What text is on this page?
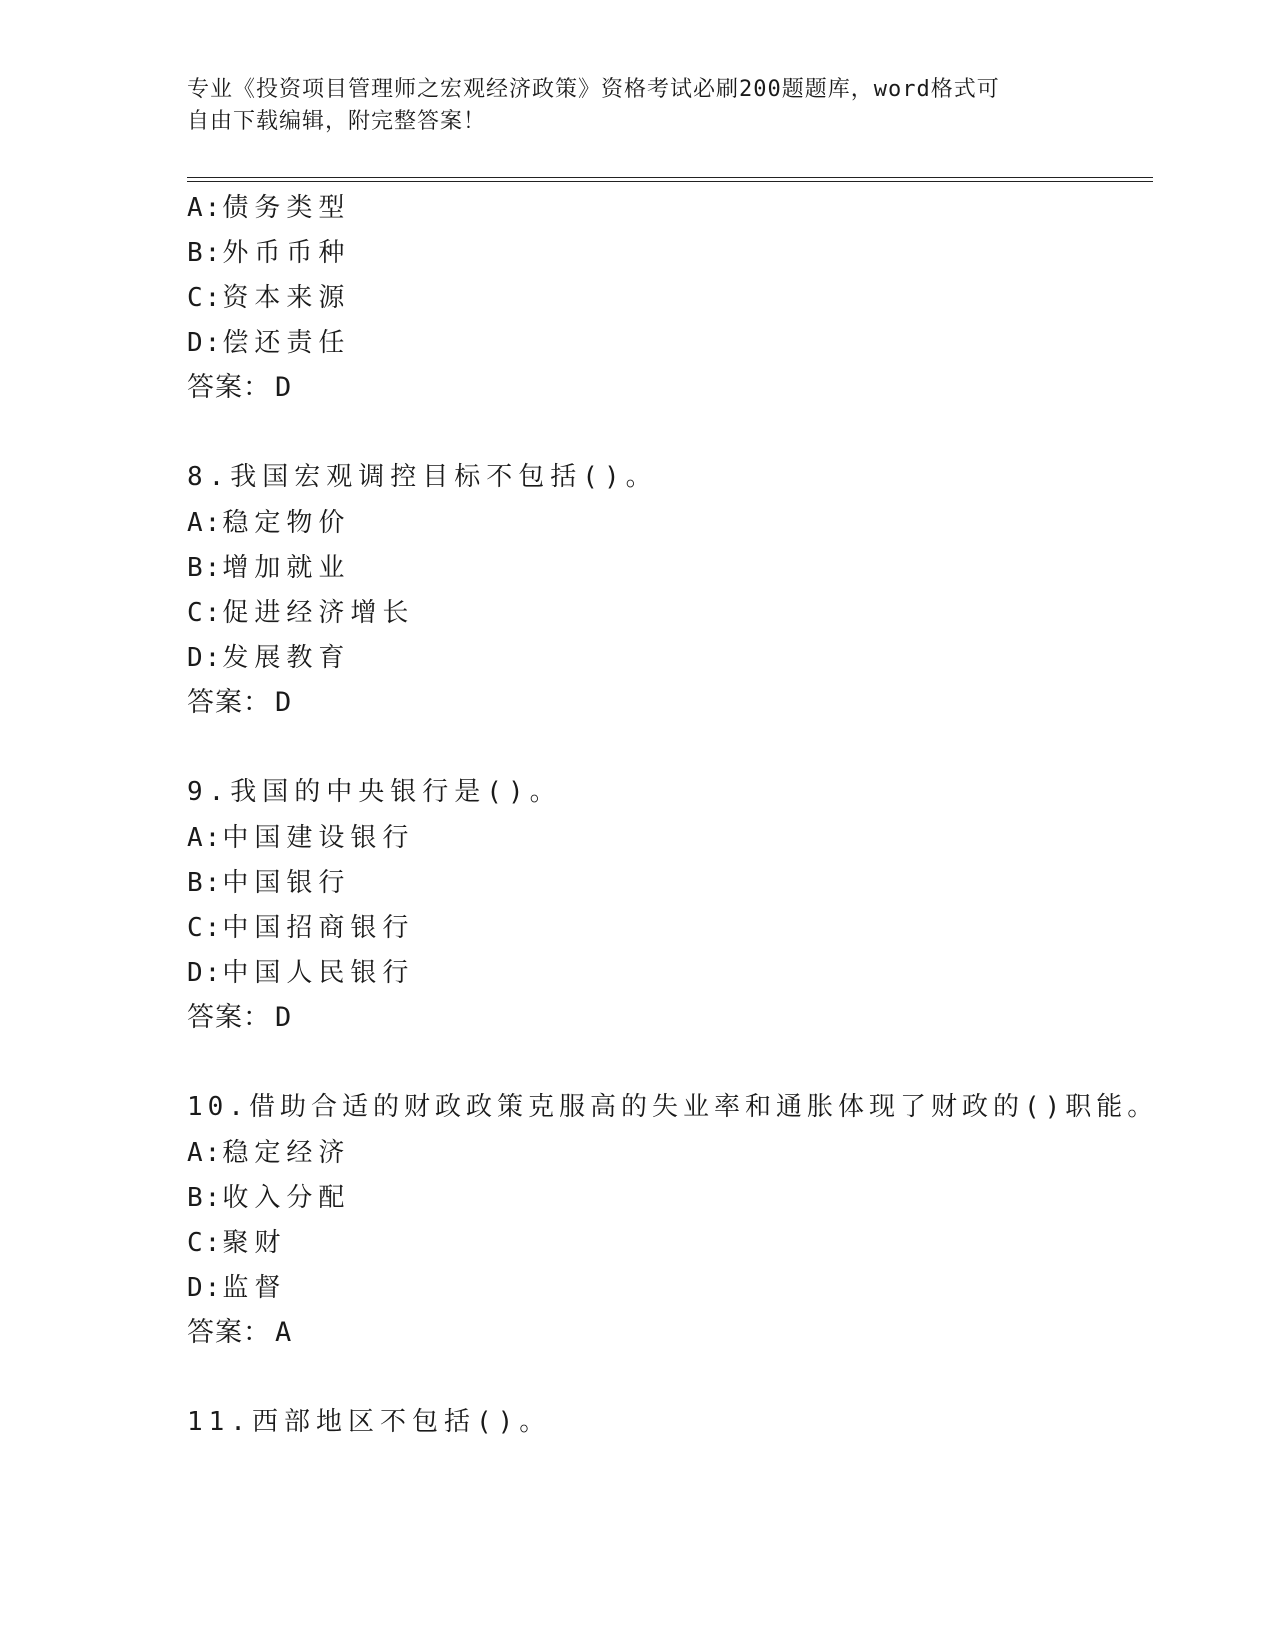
专业《投资项目管理师之宏观经济政策》资格考试必刷200题题库，word格式可
自由下载编辑，附完整答案！
A:债务类型
B:外币币种
C:资本来源
D:偿还责任
答案： D
8.我国宏观调控目标不包括()。
A:稳定物价
B:增加就业
C:促进经济增长
D:发展教育
答案： D
9.我国的中央银行是()。
A:中国建设银行
B:中国银行
C:中国招商银行
D:中国人民银行
答案： D
10.借助合适的财政政策克服高的失业率和通胀体现了财政的()职能。
A:稳定经济
B:收入分配
C:聚财
D:监督
答案： A
11.西部地区不包括()。
